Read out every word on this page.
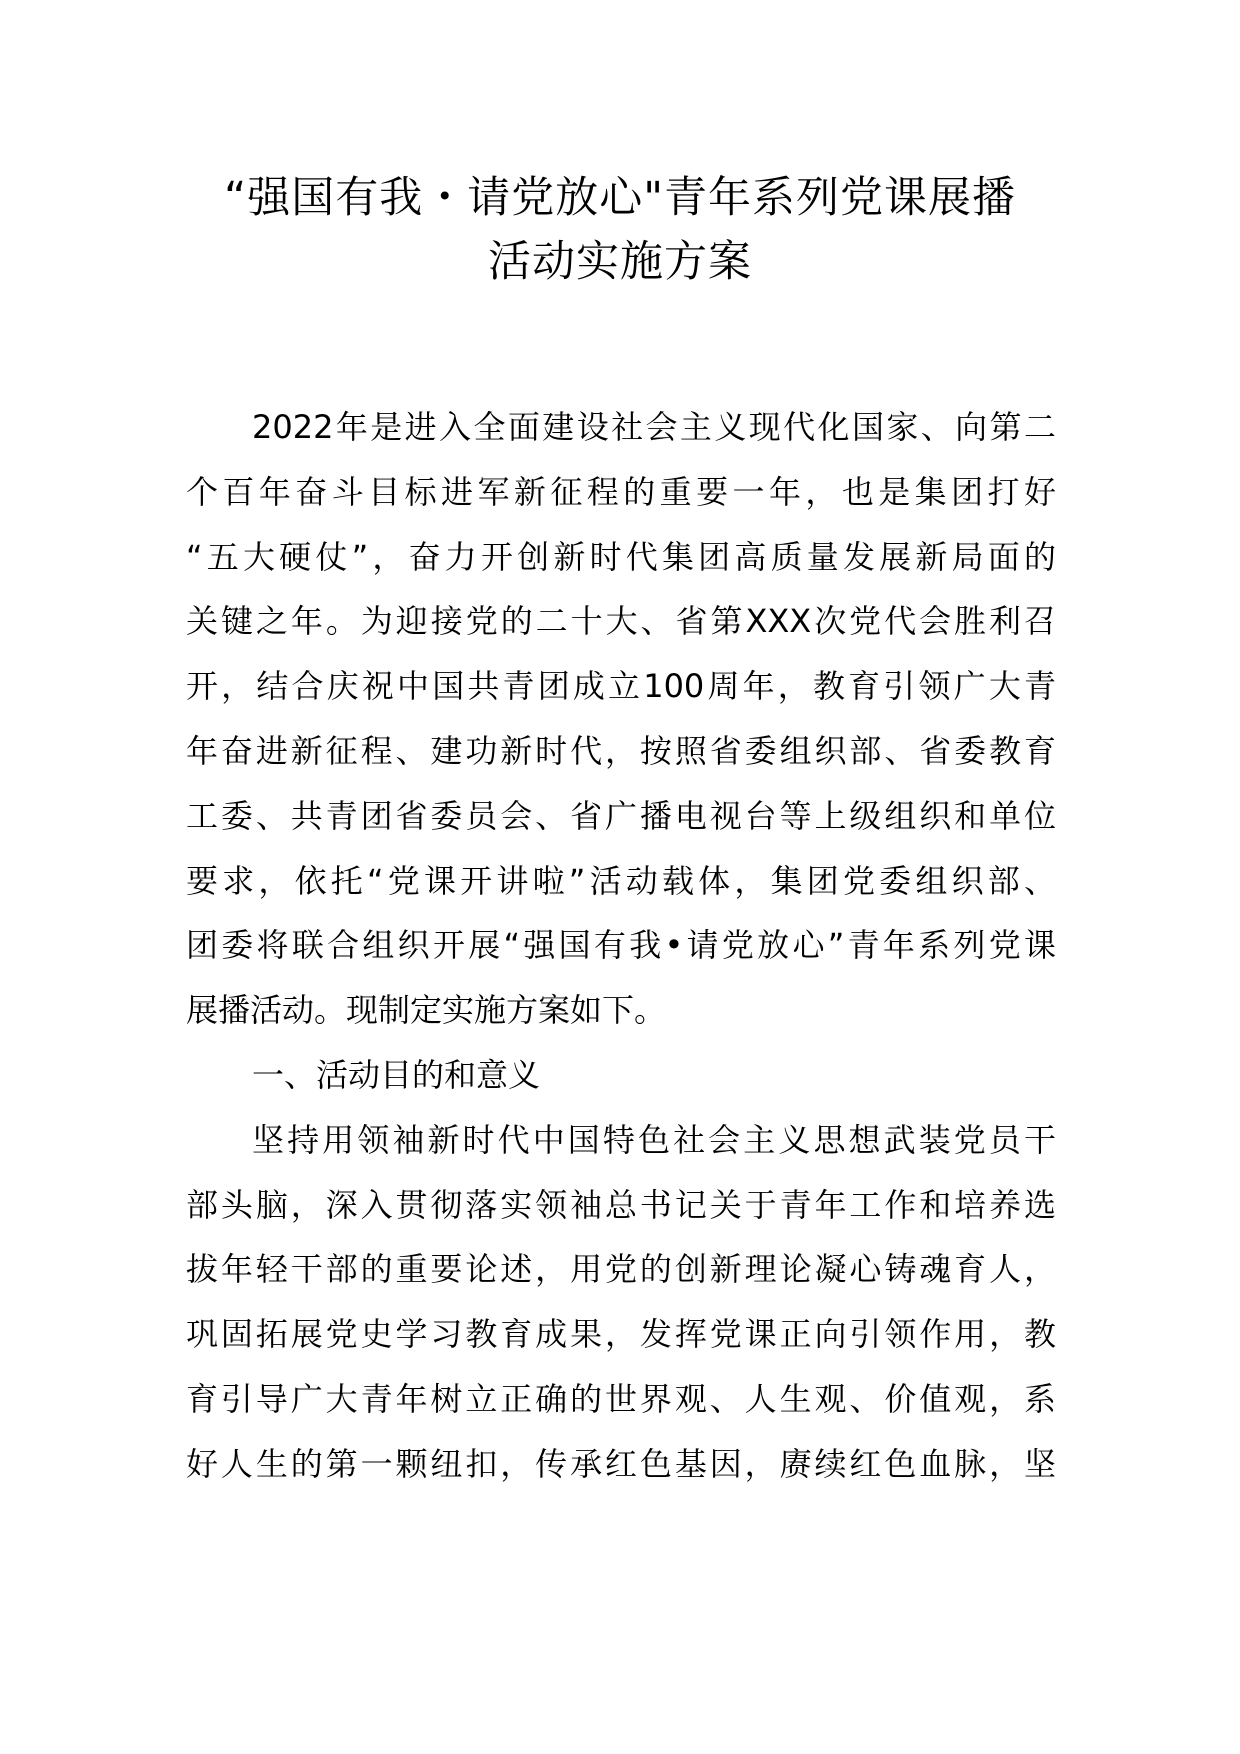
“强国有我・请党放心"青年系列党课展播
活动实施方案
2022年是进入全面建设社会主义现代化国家、向第二
个百年奋斗目标进军新征程的重要一年，也是集团打好
“五大硬仗”，奋力开创新时代集团高质量发展新局面的
关键之年。为迎接党的二十大、省第XXX次党代会胜利召
开，结合庆祝中国共青团成立100周年，教育引领广大青
年奋进新征程、建功新时代，按照省委组织部、省委教育
工委、共青团省委员会、省广播电视台等上级组织和单位
要求，依托“党课开讲啦”活动载体，集团党委组织部、
团委将联合组织开展“强国有我•请党放心”青年系列党课
展播活动。现制定实施方案如下。
一、活动目的和意义
坚持用领袖新时代中国特色社会主义思想武装党员干
部头脑，深入贯彻落实领袖总书记关于青年工作和培养选
拔年轻干部的重要论述，用党的创新理论凝心铸魂育人，
巩固拓展党史学习教育成果，发挥党课正向引领作用，教
育引导广大青年树立正确的世界观、人生观、价值观，系
好人生的第一颗纽扣，传承红色基因，赓续红色血脉，坚
